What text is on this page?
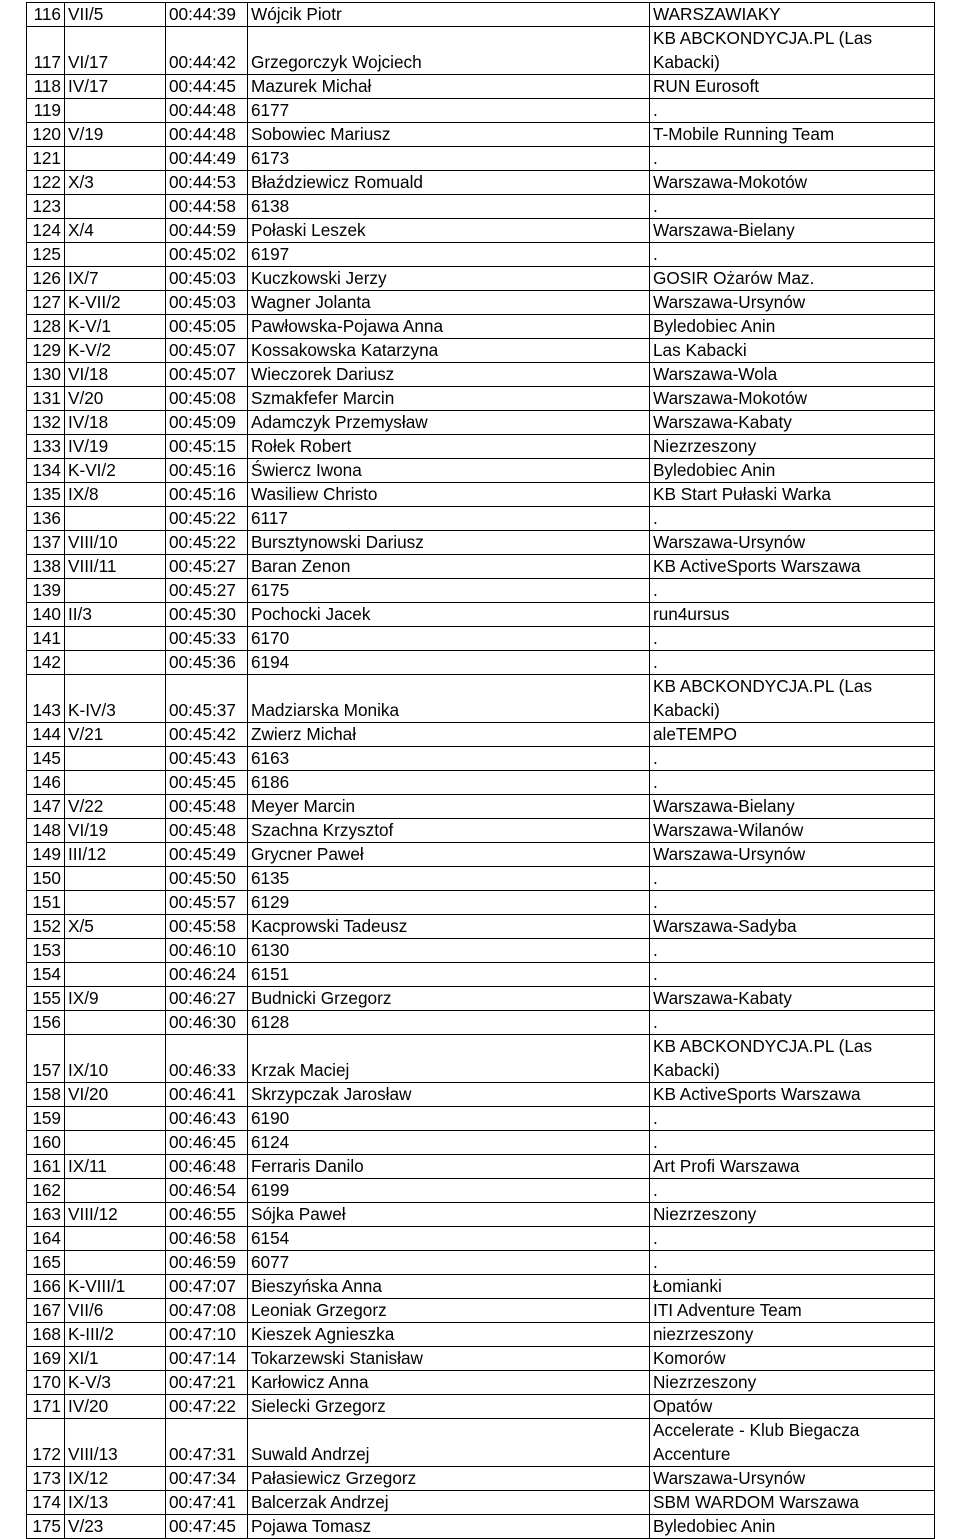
116	VII/5	00:44:39	Wójcik Piotr	WARSZAWIAKY
117	VI/17	00:44:42	Grzegorczyk Wojciech	KB ABCKONDYCJA.PL (Las Kabacki)
118	IV/17	00:44:45	Mazurek Michał	RUN Eurosoft
119		00:44:48	6177	.
120	V/19	00:44:48	Sobowiec Mariusz	T-Mobile Running Team
121		00:44:49	6173	.
122	X/3	00:44:53	Błaździewicz Romuald	Warszawa-Mokotów
123		00:44:58	6138	.
124	X/4	00:44:59	Połaski Leszek	Warszawa-Bielany
125		00:45:02	6197	.
126	IX/7	00:45:03	Kuczkowski Jerzy	GOSIR Ożarów Maz.
127	K-VII/2	00:45:03	Wagner Jolanta	Warszawa-Ursynów
128	K-V/1	00:45:05	Pawłowska-Pojawa Anna	Byledobiec Anin
129	K-V/2	00:45:07	Kossakowska Katarzyna	Las Kabacki
130	VI/18	00:45:07	Wieczorek Dariusz	Warszawa-Wola
131	V/20	00:45:08	Szmakfefer Marcin	Warszawa-Mokotów
132	IV/18	00:45:09	Adamczyk Przemysław	Warszawa-Kabaty
133	IV/19	00:45:15	Rołek Robert	Niezrzeszony
134	K-VI/2	00:45:16	Świercz Iwona	Byledobiec Anin
135	IX/8	00:45:16	Wasiliew Christo	KB Start Pułaski Warka
136		00:45:22	6117	.
137	VIII/10	00:45:22	Bursztynowski Dariusz	Warszawa-Ursynów
138	VIII/11	00:45:27	Baran Zenon	KB ActiveSports Warszawa
139		00:45:27	6175	.
140	II/3	00:45:30	Pochocki Jacek	run4ursus
141		00:45:33	6170	.
142		00:45:36	6194	.
143	K-IV/3	00:45:37	Madziarska Monika	KB ABCKONDYCJA.PL (Las Kabacki)
144	V/21	00:45:42	Zwierz Michał	aleTEMPO
145		00:45:43	6163	.
146		00:45:45	6186	.
147	V/22	00:45:48	Meyer Marcin	Warszawa-Bielany
148	VI/19	00:45:48	Szachna Krzysztof	Warszawa-Wilanów
149	III/12	00:45:49	Grycner Paweł	Warszawa-Ursynów
150		00:45:50	6135	.
151		00:45:57	6129	.
152	X/5	00:45:58	Kacprowski Tadeusz	Warszawa-Sadyba
153		00:46:10	6130	.
154		00:46:24	6151	.
155	IX/9	00:46:27	Budnicki Grzegorz	Warszawa-Kabaty
156		00:46:30	6128	.
157	IX/10	00:46:33	Krzak Maciej	KB ABCKONDYCJA.PL (Las Kabacki)
158	VI/20	00:46:41	Skrzypczak Jarosław	KB ActiveSports Warszawa
159		00:46:43	6190	.
160		00:46:45	6124	.
161	IX/11	00:46:48	Ferraris Danilo	Art Profi Warszawa
162		00:46:54	6199	.
163	VIII/12	00:46:55	Sójka Paweł	Niezrzeszony
164		00:46:58	6154	.
165		00:46:59	6077	.
166	K-VIII/1	00:47:07	Bieszyńska Anna	Łomianki
167	VII/6	00:47:08	Leoniak Grzegorz	ITI Adventure Team
168	K-III/2	00:47:10	Kieszek Agnieszka	niezrzeszony
169	XI/1	00:47:14	Tokarzewski Stanisław	Komorów
170	K-V/3	00:47:21	Karłowicz Anna	Niezrzeszony
171	IV/20	00:47:22	Sielecki Grzegorz	Opatów
172	VIII/13	00:47:31	Suwald Andrzej	Accelerate - Klub Biegacza Accenture
173	IX/12	00:47:34	Pałasiewicz Grzegorz	Warszawa-Ursynów
174	IX/13	00:47:41	Balcerzak Andrzej	SBM WARDOM Warszawa
175	V/23	00:47:45	Pojawa Tomasz	Byledobiec Anin
